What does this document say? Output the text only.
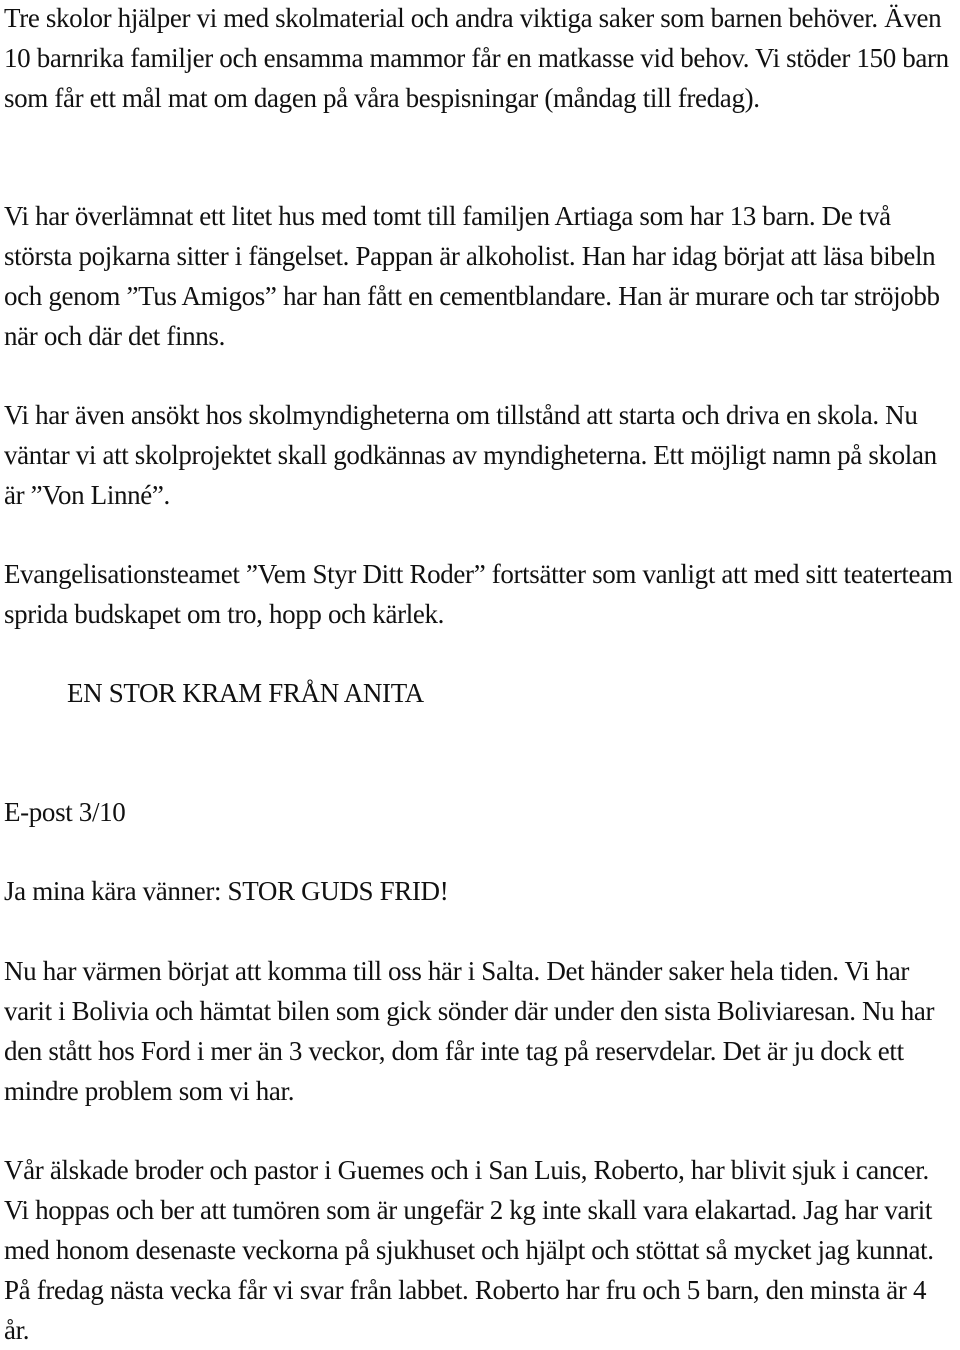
Tre skolor hjälper vi med skolmaterial och andra viktiga saker som barnen behöver. Även 10 barnrika familjer och ensamma mammor får en matkasse vid behov. Vi stöder 150 barn som får ett mål mat om dagen på våra bespisningar (måndag till fredag).

Vi har överlämnat ett litet hus med tomt till familjen Artiaga som har 13 barn. De två största pojkarna sitter i fängelset. Pappan är alkoholist. Han har idag börjat att läsa bibeln och genom ”Tus Amigos” har han fått en cementblandare. Han är murare och tar ströjobb när och där det finns.

Vi har även ansökt hos skolmyndigheterna om tillstånd att starta och driva en skola. Nu väntar vi att skolprojektet skall godkännas av myndigheterna. Ett möjligt namn på skolan är ”Von Linné”.

Evangelisationsteamet ”Vem Styr Ditt Roder” fortsätter som vanligt att med sitt teaterteam sprida budskapet om tro, hopp och kärlek.

EN STOR KRAM FRÅN ANITA

E-post 3/10

Ja mina kära vänner: STOR GUDS FRID!

Nu har värmen börjat att komma till oss här i Salta. Det händer saker hela tiden. Vi har varit i Bolivia och hämtat bilen som gick sönder där under den sista Boliviaresan. Nu har den stått hos Ford i mer än 3 veckor, dom får inte tag på reservdelar. Det är ju dock ett mindre problem som vi har.

Vår älskade broder och pastor i Guemes och i San Luis, Roberto, har blivit sjuk i cancer. Vi hoppas och ber att tumören som är ungefär 2 kg inte skall vara elakartad. Jag har varit med honom desenaste veckorna på sjukhuset och hjälpt och stöttat så mycket jag kunnat. På fredag nästa vecka får vi svar från labbet. Roberto har fru och 5 barn, den minsta är 4 år.
